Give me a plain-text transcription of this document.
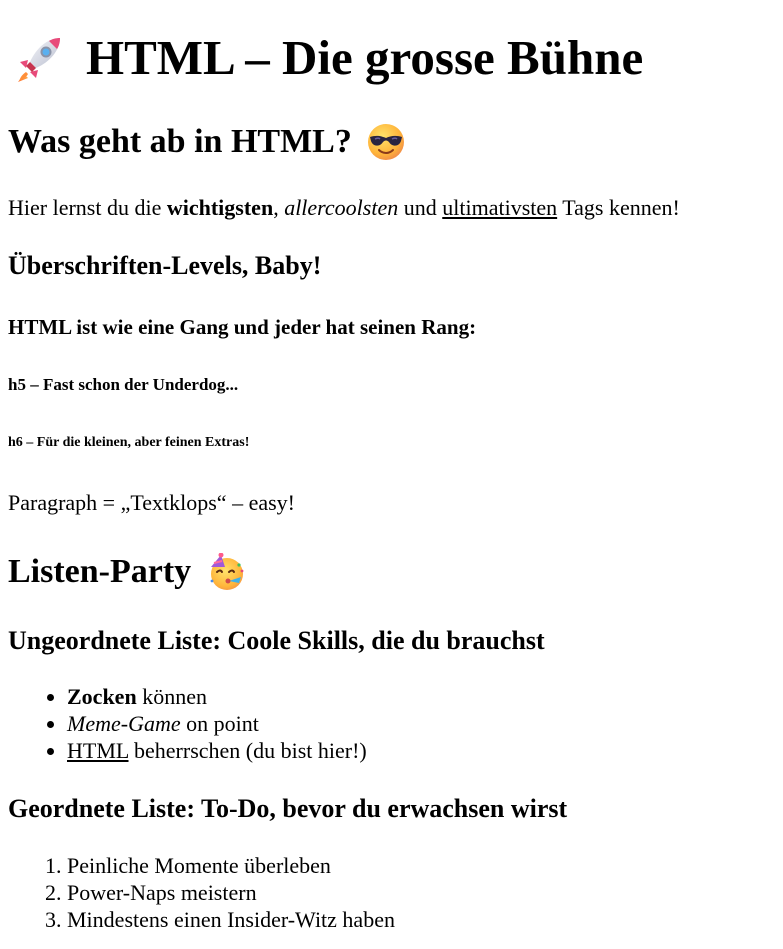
HTML – Die grosse Bühne
Was geht ab in HTML?

Hier lernst du die wichtigsten, allercoolsten und ultimativsten Tags kennen!

Überschriften-Levels, Baby!
HTML ist wie eine Gang und jeder hat seinen Rang:
h5 – Fast schon der Underdog...
h6 – Für die kleinen, aber feinen Extras!

Paragraph = „Textklops“ – easy!

Listen-Party
Ungeordnete Liste: Coole Skills, die du brauchst
• Zocken können
• Meme-Game on point
• HTML beherrschen (du bist hier!)
Geordnete Liste: To-Do, bevor du erwachsen wirst
1. Peinliche Momente überleben
2. Power-Naps meistern
3. Mindestens einen Insider-Witz haben
